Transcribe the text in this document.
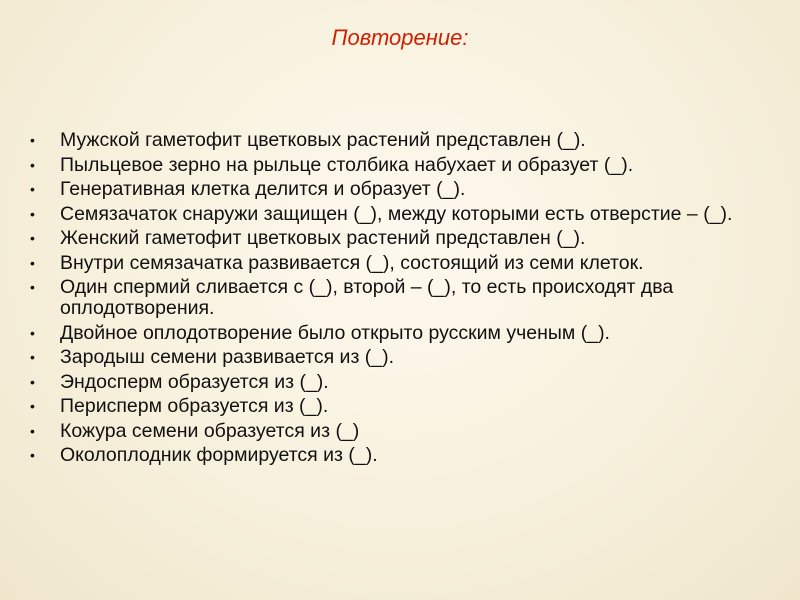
Повторение:
• Мужской гаметофит цветковых растений представлен (_).
• Пыльцевое зерно на рыльце столбика набухает и образует (_).
• Генеративная клетка делится и образует (_).
• Семязачаток снаружи защищен (_), между которыми есть отверстие – (_).
• Женский гаметофит цветковых растений представлен (_).
• Внутри семязачатка развивается (_), состоящий из семи клеток.
• Один спермий сливается с (_), второй – (_), то есть происходят два оплодотворения.
• Двойное оплодотворение было открыто русским ученым (_).
• Зародыш семени развивается из (_).
• Эндосперм образуется из (_).
• Перисперм образуется из (_).
• Кожура семени образуется из (_)
• Околоплодник формируется из (_).
